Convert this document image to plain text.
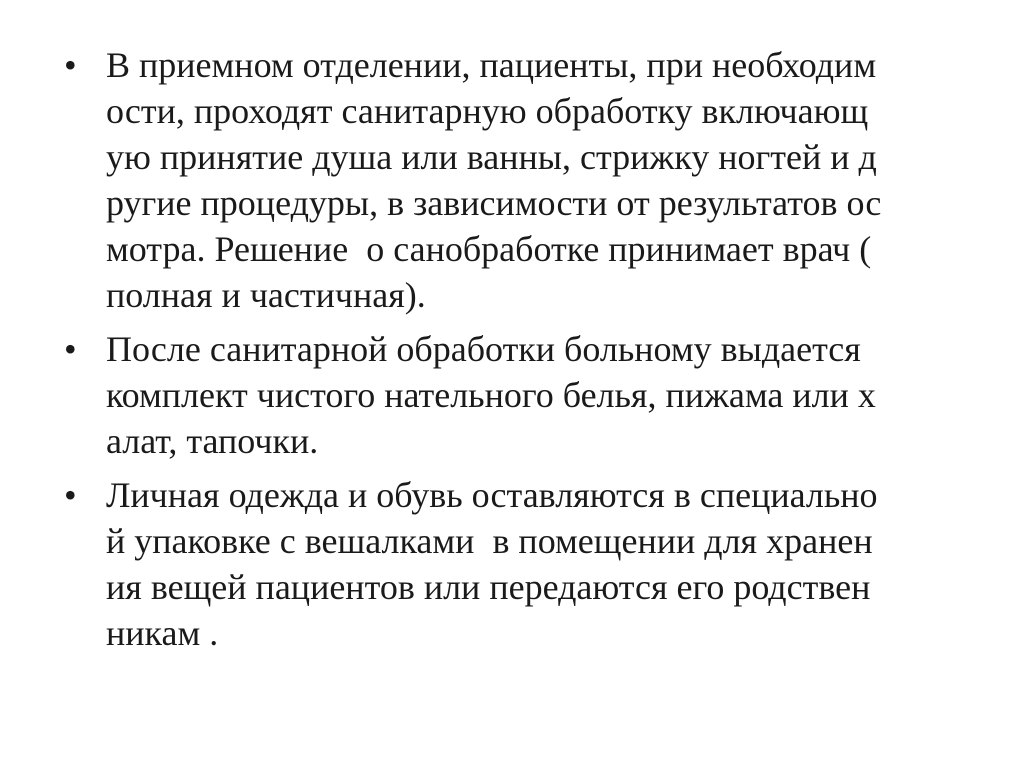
• В приемном отделении, пациенты, при необходим
ости, проходят санитарную обработку включающ
ую принятие душа или ванны, стрижку ногтей и д
ругие процедуры, в зависимости от результатов ос
мотра. Решение  о санобработке принимает врач (
полная и частичная).
• После санитарной обработки больному выдается
комплект чистого нательного белья, пижама или х
алат, тапочки.
• Личная одежда и обувь оставляются в специально
й упаковке с вешалками  в помещении для хранен
ия вещей пациентов или передаются его родствен
никам .
